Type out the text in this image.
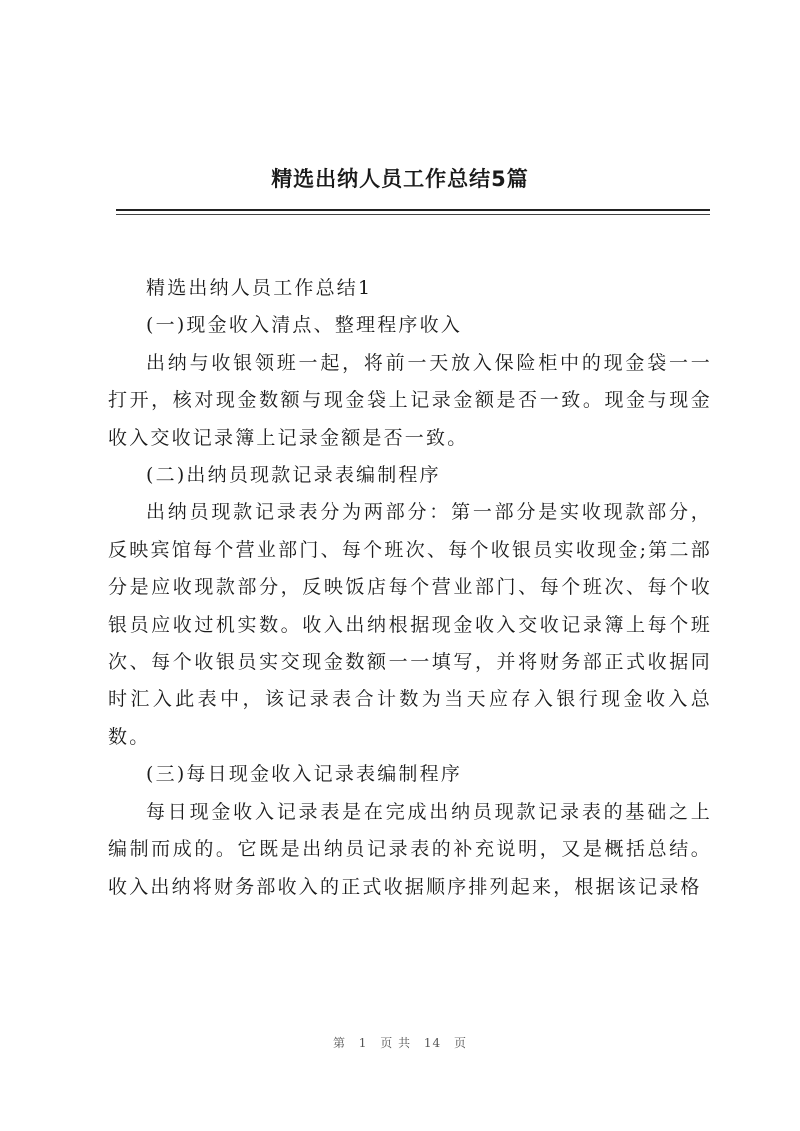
精选出纳人员工作总结5篇

精选出纳人员工作总结1

(一)现金收入清点、整理程序收入

出纳与收银领班一起，将前一天放入保险柜中的现金袋一一打开，核对现金数额与现金袋上记录金额是否一致。现金与现金收入交收记录簿上记录金额是否一致。

(二)出纳员现款记录表编制程序

出纳员现款记录表分为两部分：第一部分是实收现款部分，反映宾馆每个营业部门、每个班次、每个收银员实收现金;第二部分是应收现款部分，反映饭店每个营业部门、每个班次、每个收银员应收过机实数。收入出纳根据现金收入交收记录簿上每个班次、每个收银员实交现金数额一一填写，并将财务部正式收据同时汇入此表中，该记录表合计数为当天应存入银行现金收入总数。

(三)每日现金收入记录表编制程序

每日现金收入记录表是在完成出纳员现款记录表的基础之上编制而成的。它既是出纳员记录表的补充说明，又是概括总结。收入出纳将财务部收入的正式收据顺序排列起来，根据该记录格

第 1 页 共 14 页
